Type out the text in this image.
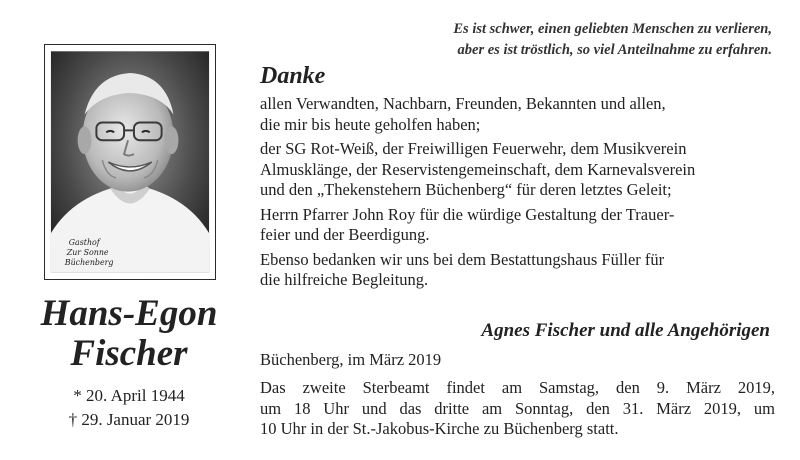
Gasthof
Zur Sonne
Büchenberg
Hans-Egon
Fischer
* 20. April 1944
† 29. Januar 2019
Es ist schwer, einen geliebten Menschen zu verlieren,
aber es ist tröstlich, so viel Anteilnahme zu erfahren.
Danke
allen Verwandten, Nachbarn, Freunden, Bekannten und allen,
die mir bis heute geholfen haben;
der SG Rot-Weiß, der Freiwilligen Feuerwehr, dem Musikverein
Almusklänge, der Reservistengemeinschaft, dem Karnevalsverein
und den „Thekenstehern Büchenberg“ für deren letztes Geleit;
Herrn Pfarrer John Roy für die würdige Gestaltung der Trauer-
feier und der Beerdigung.
Ebenso bedanken wir uns bei dem Bestattungshaus Füller für
die hilfreiche Begleitung.
Agnes Fischer und alle Angehörigen
Büchenberg, im März 2019
Das zweite Sterbeamt findet am Samstag, den 9. März 2019,
um 18 Uhr und das dritte am Sonntag, den 31. März 2019, um
10 Uhr in der St.-Jakobus-Kirche zu Büchenberg statt.
